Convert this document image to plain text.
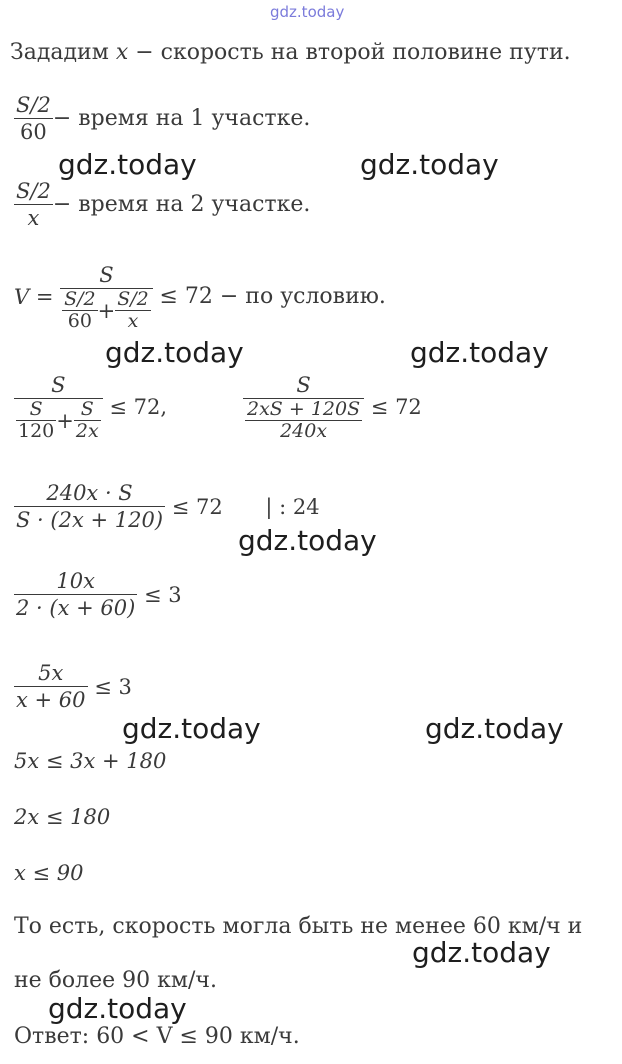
gdz.today
Зададим x − скорость на второй половине пути.
$\frac{S/2}{60}$ − время на 1 участке.
$\frac{S/2}{x}$ − время на 2 участке.
$V = \frac{S}{\frac{S/2}{60} + \frac{S/2}{x}} \le 72$ − по условию.
$\frac{S}{\frac{S}{120} + \frac{S}{2x}} \le 72$,	$\frac{S}{\frac{2xS + 120S}{240x}} \le 72$
$\frac{240x \cdot S}{S \cdot (2x + 120)} \le 72$ | : 24
$\frac{10x}{2 \cdot (x + 60)} \le 3$
$\frac{5x}{x + 60} \le 3$
5x ≤ 3x + 180
2x ≤ 180
x ≤ 90
То есть, скорость могла быть не менее 60 км/ч и
не более 90 км/ч.
Ответ: 60 < V ≤ 90 км/ч.
gdz.today	gdz.today
gdz.today	gdz.today
gdz.today
gdz.today	gdz.today
gdz.today
gdz.today
